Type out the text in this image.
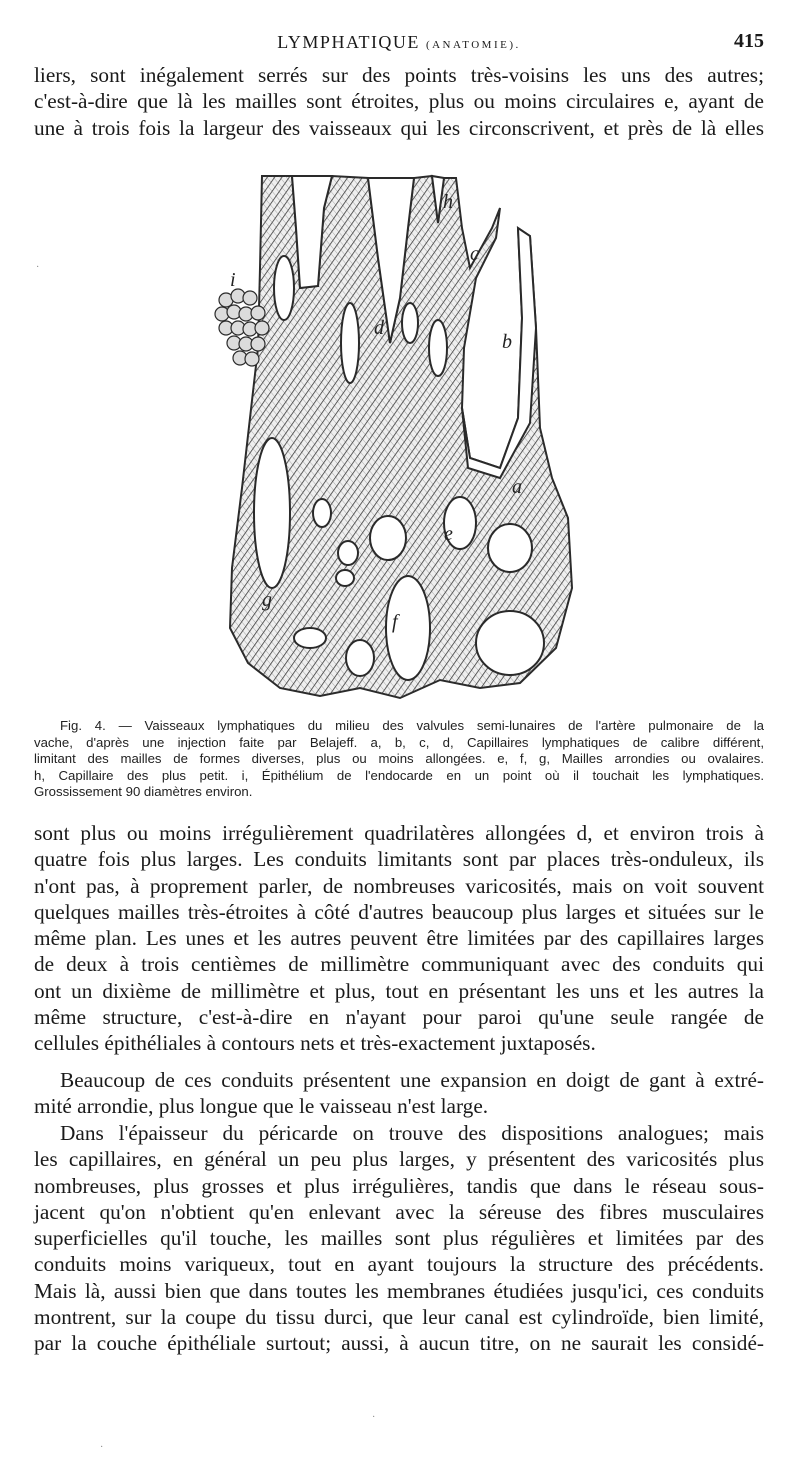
LYMPHATIQUE (ANATOMIE).	415
liers, sont inégalement serrés sur des points très-voisins les uns des autres;
c'est-à-dire que là les mailles sont étroites, plus ou moins circulaires e, ayant de
une à trois fois la largeur des vaisseaux qui les circonscrivent, et près de là elles
i
h
c
d
b
a
e
g
f
Fig. 4. — Vaisseaux lymphatiques du milieu des valvules semi-lunaires de l'artère pulmonaire de la
vache, d'après une injection faite par Belajeff. a, b, c, d, Capillaires lymphatiques de calibre différent,
limitant des mailles de formes diverses, plus ou moins allongées. e, f, g, Mailles arrondies ou ovalaires.
h, Capillaire des plus petit. i, Épithélium de l'endocarde en un point où il touchait les lymphatiques.
Grossissement 90 diamètres environ.
sont plus ou moins irrégulièrement quadrilatères allongées d, et environ trois à
quatre fois plus larges. Les conduits limitants sont par places très-onduleux, ils
n'ont pas, à proprement parler, de nombreuses varicosités, mais on voit souvent
quelques mailles très-étroites à côté d'autres beaucoup plus larges et situées sur le
même plan. Les unes et les autres peuvent être limitées par des capillaires larges
de deux à trois centièmes de millimètre communiquant avec des conduits qui
ont un dixième de millimètre et plus, tout en présentant les uns et les autres la
même structure, c'est-à-dire en n'ayant pour paroi qu'une seule rangée de
cellules épithéliales à contours nets et très-exactement juxtaposés.
Beaucoup de ces conduits présentent une expansion en doigt de gant à extré-
mité arrondie, plus longue que le vaisseau n'est large.
Dans l'épaisseur du péricarde on trouve des dispositions analogues; mais
les capillaires, en général un peu plus larges, y présentent des varicosités plus
nombreuses, plus grosses et plus irrégulières, tandis que dans le réseau sous-
jacent qu'on n'obtient qu'en enlevant avec la séreuse des fibres musculaires
superficielles qu'il touche, les mailles sont plus régulières et limitées par des
conduits moins variqueux, tout en ayant toujours la structure des précédents.
Mais là, aussi bien que dans toutes les membranes étudiées jusqu'ici, ces conduits
montrent, sur la coupe du tissu durci, que leur canal est cylindroïde, bien limité,
par la couche épithéliale surtout; aussi, à aucun titre, on ne saurait les considé-
·
·
·
